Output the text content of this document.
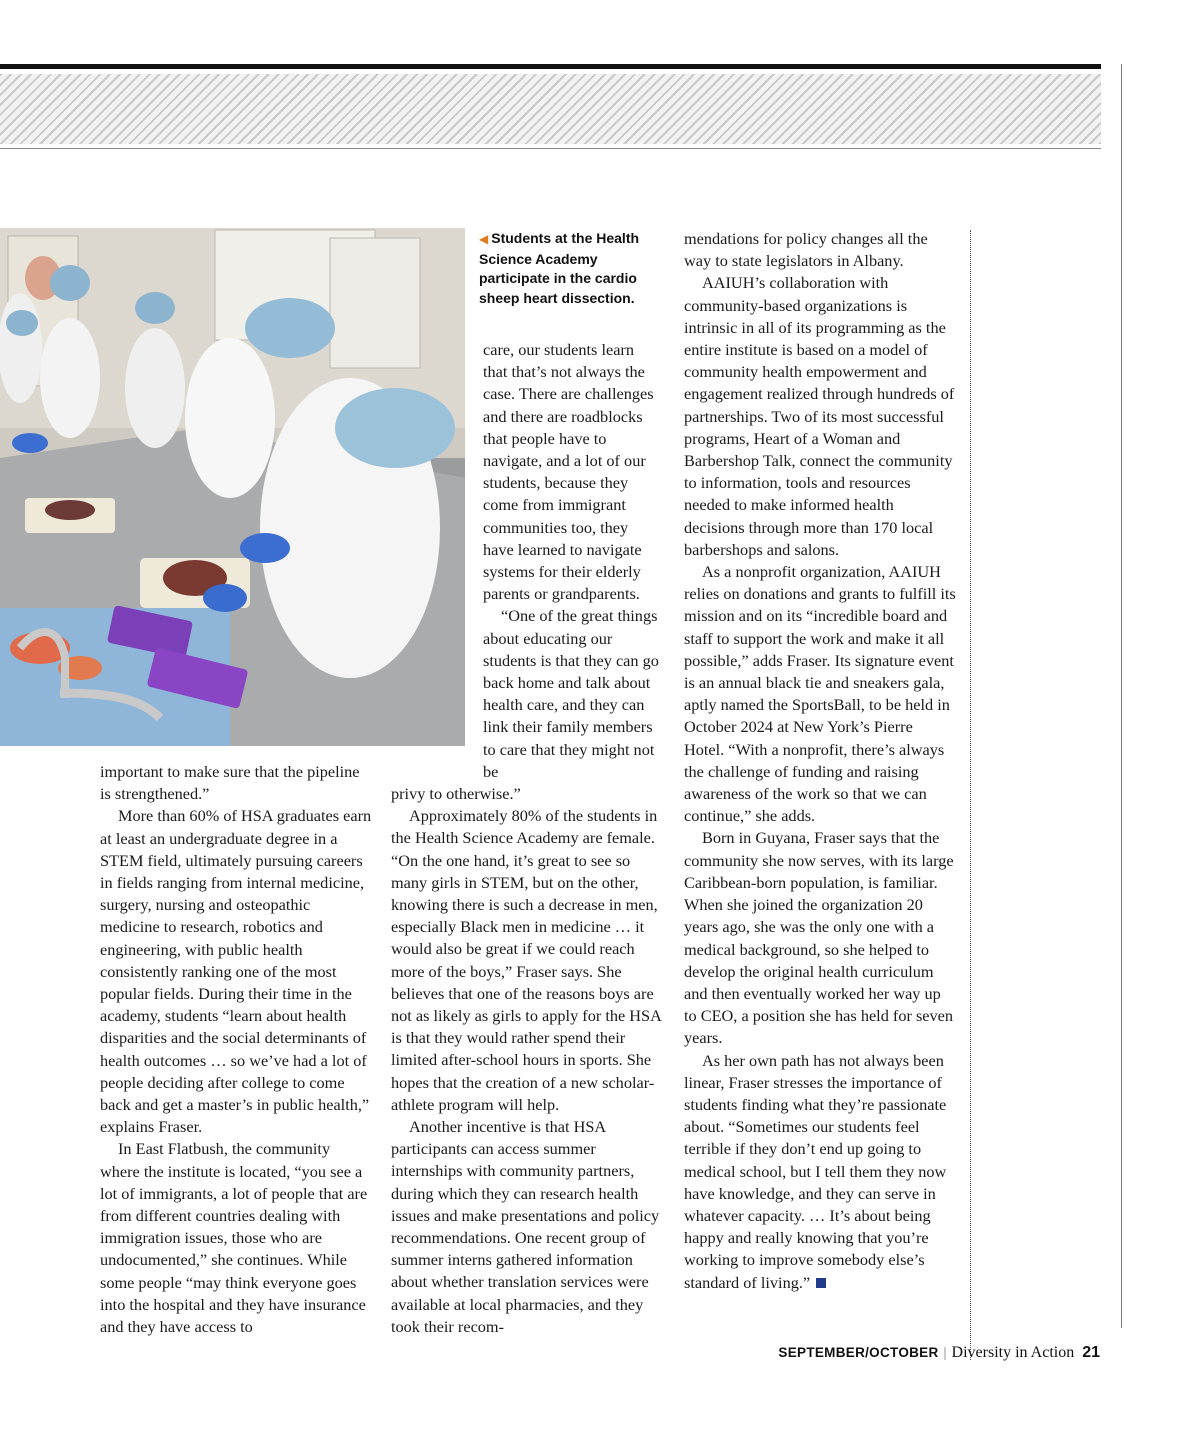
◀ Students at the Health Science Academy participate in the cardio sheep heart dissection.

important to make sure that the pipeline is strengthened.”

More than 60% of HSA graduates earn at least an undergraduate degree in a STEM field, ultimately pursuing careers in fields ranging from internal medicine, surgery, nursing and osteopathic medicine to research, robotics and engineering, with public health consistently ranking one of the most popular fields. During their time in the academy, students “learn about health disparities and the social determinants of health outcomes … so we’ve had a lot of people deciding after college to come back and get a master’s in public health,” explains Fraser.

In East Flatbush, the community where the institute is located, “you see a lot of immigrants, a lot of people that are from different countries dealing with immigration issues, those who are undocumented,” she continues. While some people “may think everyone goes into the hospital and they have insurance and they have access to

care, our students learn that that’s not always the case. There are challenges and there are roadblocks that people have to navigate, and a lot of our students, because they come from immigrant communities too, they have learned to navigate systems for their elderly parents or grandparents.

“One of the great things about educating our students is that they can go back home and talk about health care, and they can link their family members to care that they might not be

privy to otherwise.”

Approximately 80% of the students in the Health Science Academy are female. “On the one hand, it’s great to see so many girls in STEM, but on the other, knowing there is such a decrease in men, especially Black men in medicine … it would also be great if we could reach more of the boys,” Fraser says. She believes that one of the reasons boys are not as likely as girls to apply for the HSA is that they would rather spend their limited after-school hours in sports. She hopes that the creation of a new scholar-athlete program will help.

Another incentive is that HSA participants can access summer internships with community partners, during which they can research health issues and make presentations and policy recommendations. One recent group of summer interns gathered information about whether translation services were available at local pharmacies, and they took their recom-

mendations for policy changes all the way to state legislators in Albany.

AAIUH’s collaboration with community-based organizations is intrinsic in all of its programming as the entire institute is based on a model of community health empowerment and engagement realized through hundreds of partnerships. Two of its most successful programs, Heart of a Woman and Barbershop Talk, connect the community to information, tools and resources needed to make informed health decisions through more than 170 local barbershops and salons.

As a nonprofit organization, AAIUH relies on donations and grants to fulfill its mission and on its “incredible board and staff to support the work and make it all possible,” adds Fraser. Its signature event is an annual black tie and sneakers gala, aptly named the SportsBall, to be held in October 2024 at New York’s Pierre Hotel. “With a nonprofit, there’s always the challenge of funding and raising awareness of the work so that we can continue,” she adds.

Born in Guyana, Fraser says that the community she now serves, with its large Caribbean-born population, is familiar. When she joined the organization 20 years ago, she was the only one with a medical background, so she helped to develop the original health curriculum and then eventually worked her way up to CEO, a position she has held for seven years.

As her own path has not always been linear, Fraser stresses the importance of students finding what they’re passionate about. “Sometimes our students feel terrible if they don’t end up going to medical school, but I tell them they now have knowledge, and they can serve in whatever capacity. … It’s about being happy and really knowing that you’re working to improve somebody else’s standard of living.”

SEPTEMBER/OCTOBER | Diversity in Action 21
